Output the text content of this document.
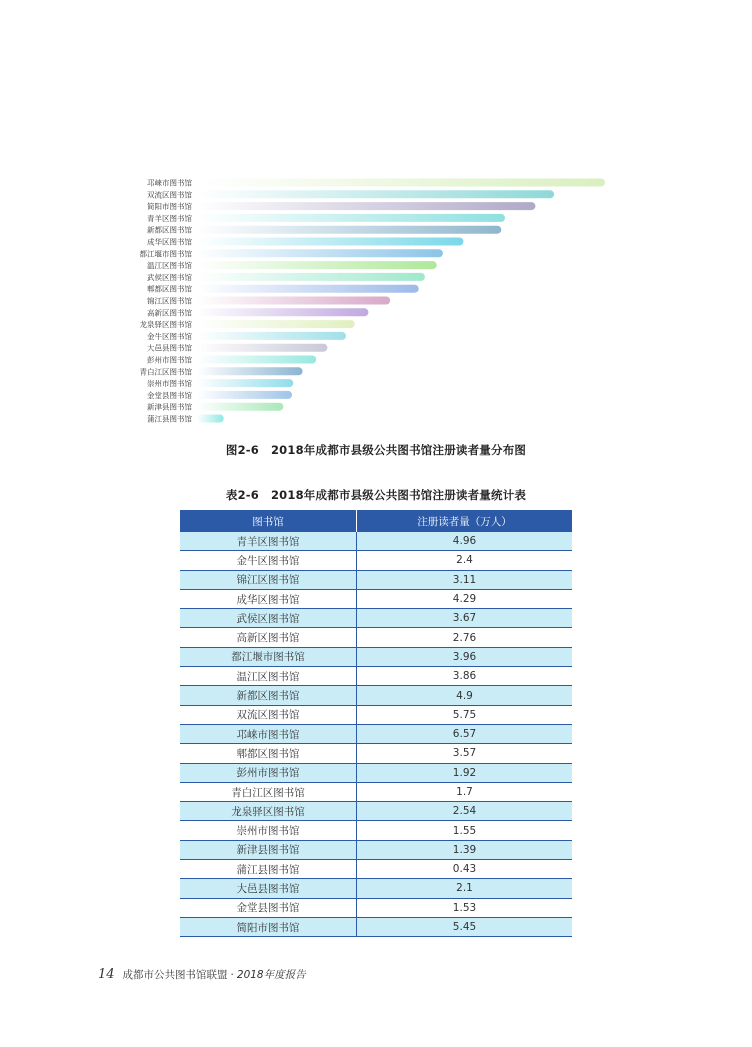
邛崃市图书馆
双流区图书馆
简阳市图书馆
青羊区图书馆
新都区图书馆
成华区图书馆
都江堰市图书馆
温江区图书馆
武侯区图书馆
郫都区图书馆
锦江区图书馆
高新区图书馆
龙泉驿区图书馆
金牛区图书馆
大邑县图书馆
彭州市图书馆
青白江区图书馆
崇州市图书馆
金堂县图书馆
新津县图书馆
蒲江县图书馆
图2-6 2018年成都市县级公共图书馆注册读者量分布图
表2-6 2018年成都市县级公共图书馆注册读者量统计表
图书馆	注册读者量（万人）
青羊区图书馆	4.96
金牛区图书馆	2.4
锦江区图书馆	3.11
成华区图书馆	4.29
武侯区图书馆	3.67
高新区图书馆	2.76
都江堰市图书馆	3.96
温江区图书馆	3.86
新都区图书馆	4.9
双流区图书馆	5.75
邛崃市图书馆	6.57
郫都区图书馆	3.57
彭州市图书馆	1.92
青白江区图书馆	1.7
龙泉驿区图书馆	2.54
崇州市图书馆	1.55
新津县图书馆	1.39
蒲江县图书馆	0.43
大邑县图书馆	2.1
金堂县图书馆	1.53
简阳市图书馆	5.45
14 成都市公共图书馆联盟 · 2018年度报告
